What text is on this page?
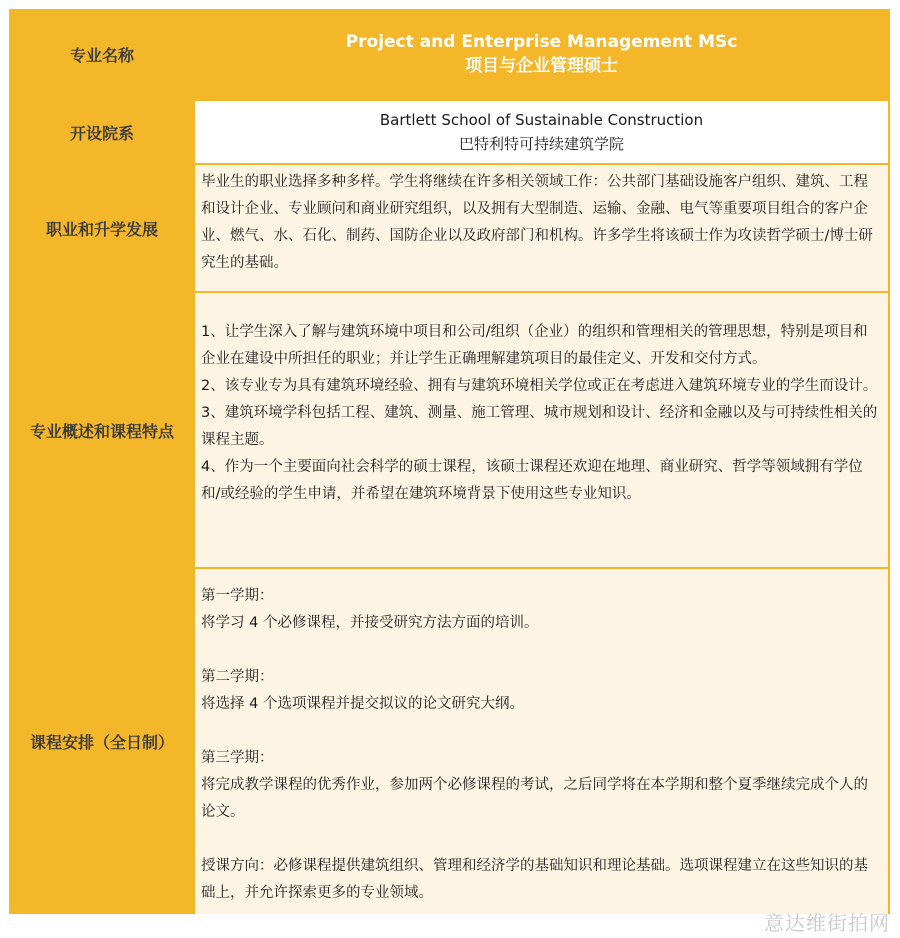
专业名称
Project and Enterprise Management MSc
项目与企业管理硕士
开设院系
Bartlett School of Sustainable Construction
巴特利特可持续建筑学院
职业和升学发展

毕业生的职业选择多种多样。学生将继续在许多相关领域工作：公共部门基础设施客户组织、建筑、工程和设计企业、专业顾问和商业研究组织，以及拥有大型制造、运输、金融、电气等重要项目组合的客户企业、燃气、水、石化、制药、国防企业以及政府部门和机构。许多学生将该硕士作为攻读哲学硕士/博士研究生的基础。

专业概述和课程特点

1、让学生深入了解与建筑环境中项目和公司/组织（企业）的组织和管理相关的管理思想，特别是项目和企业在建设中所担任的职业；并让学生正确理解建筑项目的最佳定义、开发和交付方式。

2、该专业专为具有建筑环境经验、拥有与建筑环境相关学位或正在考虑进入建筑环境专业的学生而设计。

3、建筑环境学科包括工程、建筑、测量、施工管理、城市规划和设计、经济和金融以及与可持续性相关的课程主题。

4、作为一个主要面向社会科学的硕士课程，该硕士课程还欢迎在地理、商业研究、哲学等领域拥有学位和/或经验的学生申请，并希望在建筑环境背景下使用这些专业知识。

课程安排（全日制）

第一学期：

将学习 4 个必修课程，并接受研究方法方面的培训。

第二学期：

将选择 4 个选项课程并提交拟议的论文研究大纲。

第三学期：

将完成教学课程的优秀作业，参加两个必修课程的考试，之后同学将在本学期和整个夏季继续完成个人的论文。

授课方向：必修课程提供建筑组织、管理和经济学的基础知识和理论基础。选项课程建立在这些知识的基础上，并允许探索更多的专业领域。

意达维街拍网
